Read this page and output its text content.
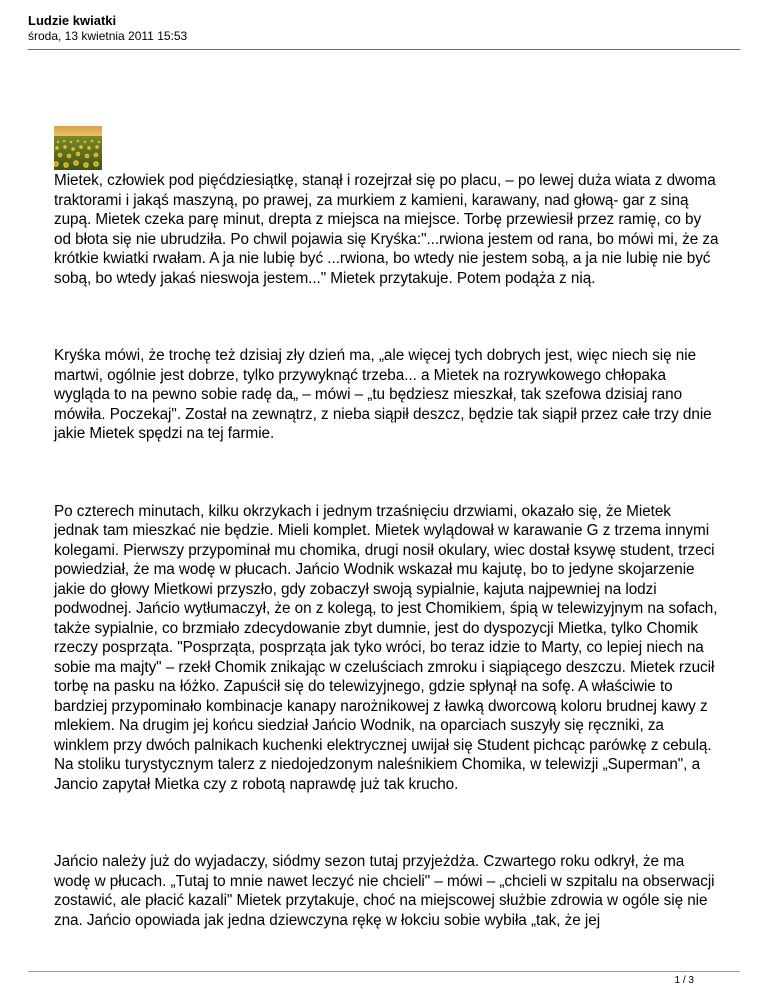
Ludzie kwiatki

środa, 13 kwietnia 2011 15:53

Mietek, człowiek pod pięćdziesiątkę, stanął i rozejrzał się po placu, – po lewej duża wiata z dwoma traktorami i jakąś maszyną, po prawej, za murkiem z kamieni, karawany, nad głową- gar z siną zupą. Mietek czeka parę minut, drepta z miejsca na miejsce. Torbę przewiesił przez ramię, co by od błota się nie ubrudziła. Po chwil pojawia się Kryśka:"...rwiona jestem od rana, bo mówi mi, że za krótkie kwiatki rwałam. A ja nie lubię być ...rwiona, bo wtedy nie jestem sobą, a ja nie lubię nie być sobą, bo wtedy jakaś nieswoja jestem..." Mietek przytakuje. Potem podąża z nią.

Kryśka mówi, że trochę też dzisiaj zły dzień ma, „ale więcej tych dobrych jest, więc niech się nie martwi, ogólnie jest dobrze, tylko przywyknąć trzeba... a Mietek na rozrywkowego chłopaka wygląda to na pewno sobie radę da„ – mówi – „tu będziesz mieszkał, tak szefowa dzisiaj rano mówiła. Poczekaj". Został na zewnątrz, z nieba siąpił deszcz, będzie tak siąpił przez całe trzy dnie jakie Mietek spędzi na tej farmie.

Po czterech minutach, kilku okrzykach i jednym trzaśnięciu drzwiami, okazało się, że Mietek jednak tam mieszkać nie będzie. Mieli komplet. Mietek wylądował w karawanie G z trzema innymi kolegami. Pierwszy przypominał mu chomika, drugi nosił okulary, wiec dostał ksywę student, trzeci powiedział, że ma wodę w płucach. Jańcio Wodnik wskazał mu kajutę, bo to jedyne skojarzenie jakie do głowy Mietkowi przyszło, gdy zobaczył swoją sypialnie, kajuta najpewniej na lodzi podwodnej. Jańcio wytłumaczył, że on z kolegą, to jest Chomikiem, śpią w telewizyjnym na sofach, także sypialnie, co brzmiało zdecydowanie zbyt dumnie, jest do dyspozycji Mietka, tylko Chomik rzeczy posprząta. "Posprząta, posprząta jak tyko wróci, bo teraz idzie to Marty, co lepiej niech na sobie ma majty" – rzekł Chomik znikając w czeluściach zmroku i siąpiącego deszczu. Mietek rzucił torbę na pasku na łóżko. Zapuścił się do telewizyjnego, gdzie spłynął na sofę. A właściwie to bardziej przypominało kombinacje kanapy narożnikowej z ławką dworcową koloru brudnej kawy z mlekiem. Na drugim jej końcu siedział Jańcio Wodnik, na oparciach suszyły się ręczniki, za winklem przy dwóch palnikach kuchenki elektrycznej uwijał się Student pichcąc parówkę z cebulą. Na stoliku turystycznym talerz z niedojedzonym naleśnikiem Chomika, w telewizji „Superman", a Jancio zapytał Mietka czy z robotą naprawdę już tak krucho.

Jańcio należy już do wyjadaczy, siódmy sezon tutaj przyjeżdża. Czwartego roku odkrył, że ma wodę w płucach. „Tutaj to mnie nawet leczyć nie chcieli" – mówi – „chcieli w szpitalu na obserwacji zostawić, ale płacić kazali" Mietek przytakuje, choć na miejscowej służbie zdrowia w ogóle się nie zna. Jańcio opowiada jak jedna dziewczyna rękę w łokciu sobie wybiła „tak, że jej

1 / 3
